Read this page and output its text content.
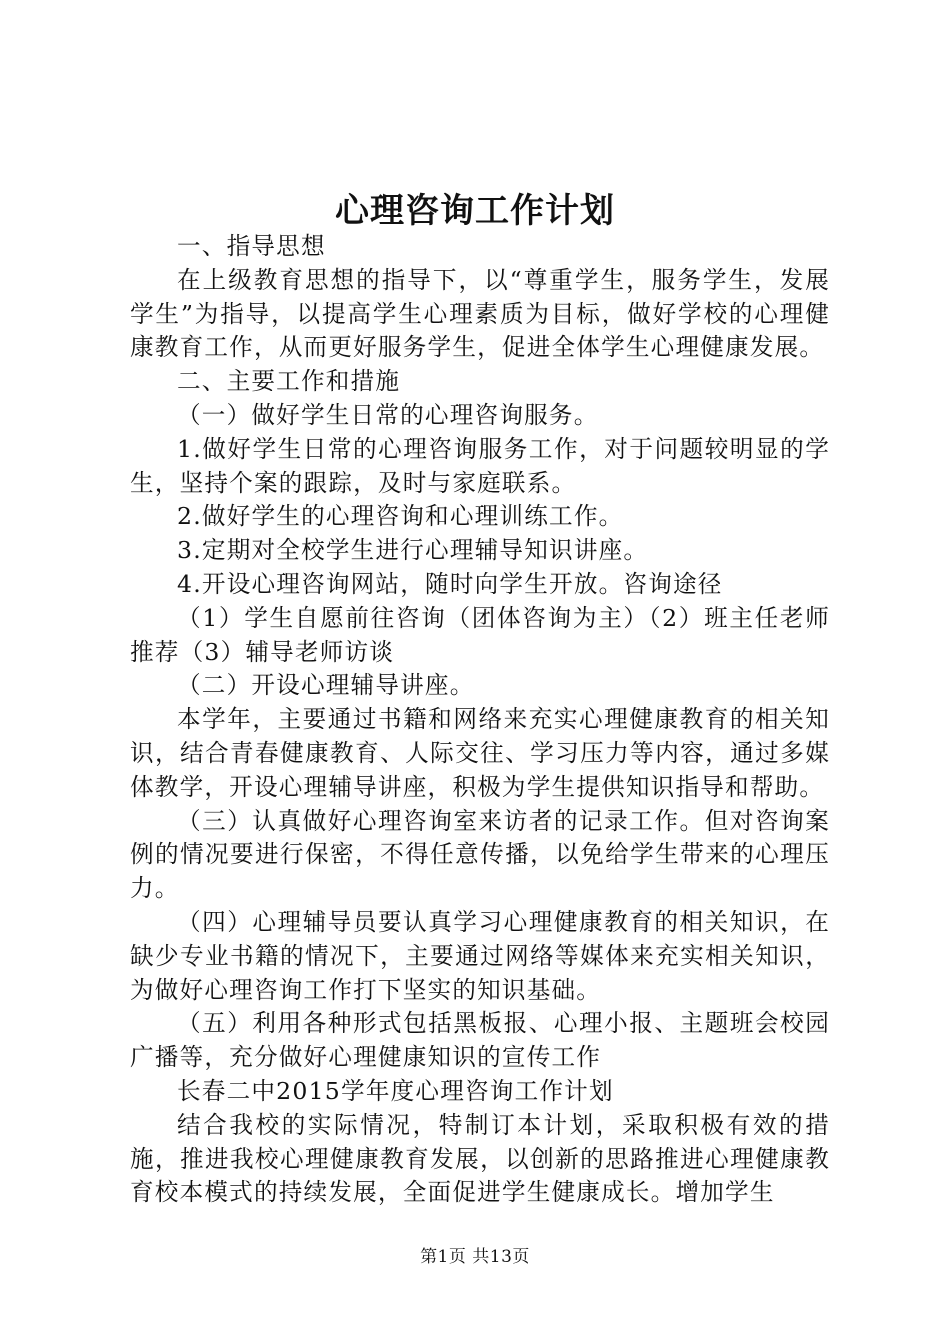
心理咨询工作计划

一、指导思想

在上级教育思想的指导下，以“尊重学生，服务学生，发展学生”为指导，以提高学生心理素质为目标，做好学校的心理健康教育工作，从而更好服务学生，促进全体学生心理健康发展。

二、主要工作和措施

（一）做好学生日常的心理咨询服务。

1.做好学生日常的心理咨询服务工作，对于问题较明显的学生，坚持个案的跟踪，及时与家庭联系。

2.做好学生的心理咨询和心理训练工作。

3.定期对全校学生进行心理辅导知识讲座。

4.开设心理咨询网站，随时向学生开放。咨询途径

（1）学生自愿前往咨询（团体咨询为主）（2）班主任老师推荐（3）辅导老师访谈

（二）开设心理辅导讲座。

本学年，主要通过书籍和网络来充实心理健康教育的相关知识，结合青春健康教育、人际交往、学习压力等内容，通过多媒体教学，开设心理辅导讲座，积极为学生提供知识指导和帮助。

（三）认真做好心理咨询室来访者的记录工作。但对咨询案例的情况要进行保密，不得任意传播，以免给学生带来的心理压力。

（四）心理辅导员要认真学习心理健康教育的相关知识，在缺少专业书籍的情况下，主要通过网络等媒体来充实相关知识，为做好心理咨询工作打下坚实的知识基础。

（五）利用各种形式包括黑板报、心理小报、主题班会校园广播等，充分做好心理健康知识的宣传工作

长春二中2015学年度心理咨询工作计划

结合我校的实际情况，特制订本计划，采取积极有效的措施，推进我校心理健康教育发展，以创新的思路推进心理健康教育校本模式的持续发展，全面促进学生健康成长。增加学生

第1页 共13页
